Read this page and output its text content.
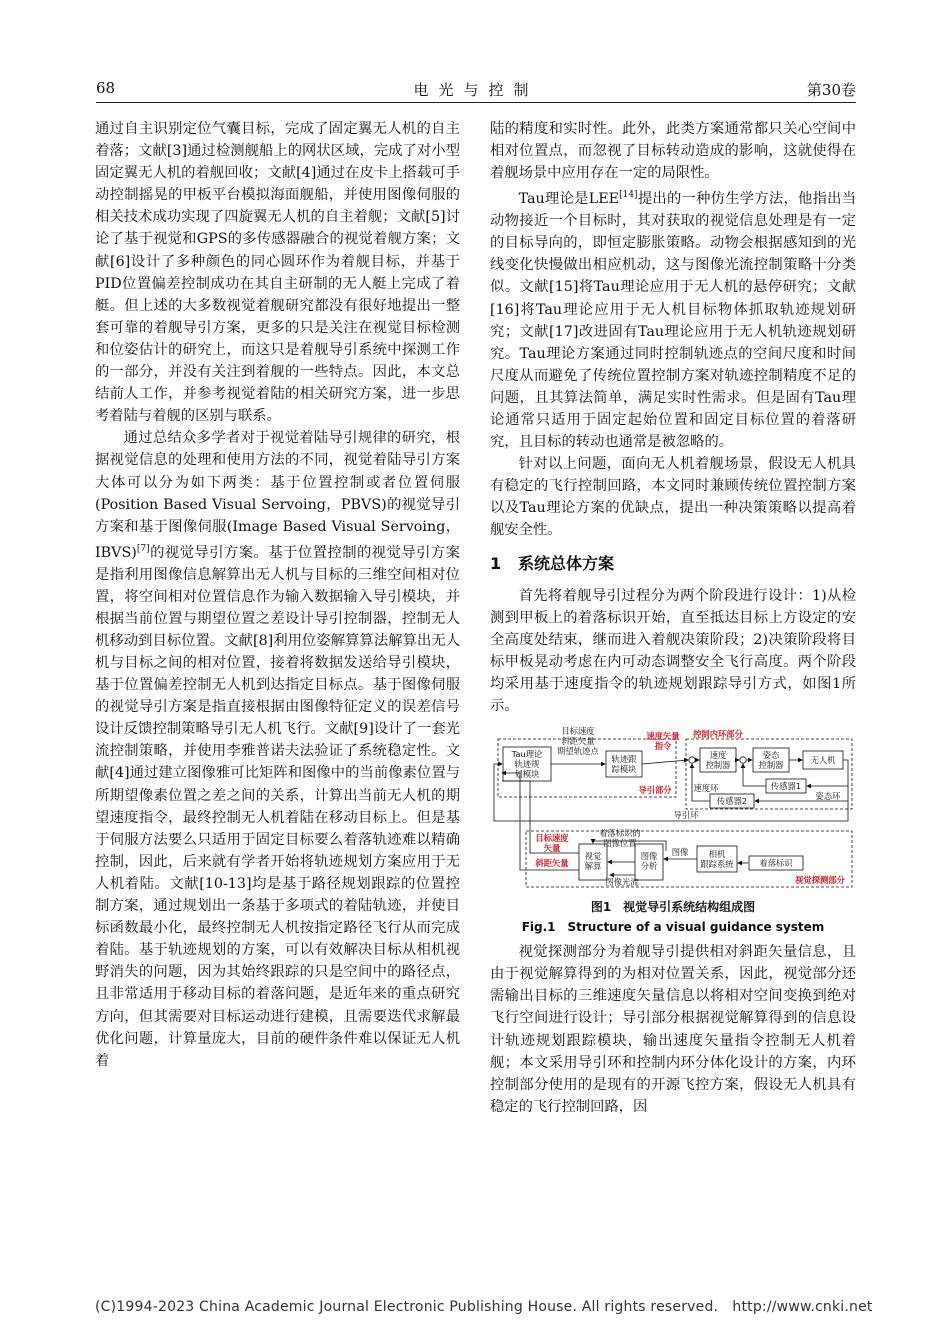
68	电光与控制	第30卷

通过自主识别定位气囊目标，完成了固定翼无人机的自主着落；文献[3]通过检测舰船上的网状区域，完成了对小型固定翼无人机的着舰回收；文献[4]通过在皮卡上搭载可手动控制摇晃的甲板平台模拟海面舰船，并使用图像伺服的相关技术成功实现了四旋翼无人机的自主着舰；文献[5]讨论了基于视觉和GPS的多传感器融合的视觉着舰方案；文献[6]设计了多种颜色的同心圆环作为着舰目标，并基于PID位置偏差控制成功在其自主研制的无人艇上完成了着艇。但上述的大多数视觉着舰研究都没有很好地提出一整套可靠的着舰导引方案，更多的只是关注在视觉目标检测和位姿估计的研究上，而这只是着舰导引系统中探测工作的一部分，并没有关注到着舰的一些特点。因此，本文总结前人工作，并参考视觉着陆的相关研究方案，进一步思考着陆与着舰的区别与联系。

通过总结众多学者对于视觉着陆导引规律的研究，根据视觉信息的处理和使用方法的不同，视觉着陆导引方案大体可以分为如下两类：基于位置控制或者位置伺服(Position Based Visual Servoing，PBVS)的视觉导引方案和基于图像伺服(Image Based Visual Servoing，IBVS)[7]的视觉导引方案。基于位置控制的视觉导引方案是指利用图像信息解算出无人机与目标的三维空间相对位置，将空间相对位置信息作为输入数据输入导引模块，并根据当前位置与期望位置之差设计导引控制器，控制无人机移动到目标位置。文献[8]利用位姿解算算法解算出无人机与目标之间的相对位置，接着将数据发送给导引模块，基于位置偏差控制无人机到达指定目标点。基于图像伺服的视觉导引方案是指直接根据由图像特征定义的误差信号设计反馈控制策略导引无人机飞行。文献[9]设计了一套光流控制策略，并使用李雅普诺夫法验证了系统稳定性。文献[4]通过建立图像雅可比矩阵和图像中的当前像素位置与所期望像素位置之差之间的关系，计算出当前无人机的期望速度指令，最终控制无人机着陆在移动目标上。但是基于伺服方法要么只适用于固定目标要么着落轨迹难以精确控制，因此，后来就有学者开始将轨迹规划方案应用于无人机着陆。文献[10-13]均是基于路径规划跟踪的位置控制方案，通过规划出一条基于多项式的着陆轨迹，并使目标函数最小化，最终控制无人机按指定路径飞行从而完成着陆。基于轨迹规划的方案，可以有效解决目标从相机视野消失的问题，因为其始终跟踪的只是空间中的路径点，且非常适用于移动目标的着落问题，是近年来的重点研究方向，但其需要对目标运动进行建模，且需要迭代求解最优化问题，计算量庞大，目前的硬件条件难以保证无人机着

陆的精度和实时性。此外，此类方案通常都只关心空间中相对位置点，而忽视了目标转动造成的影响，这就使得在着舰场景中应用存在一定的局限性。

Tau理论是LEE[14]提出的一种仿生学方法，他指出当动物接近一个目标时，其对获取的视觉信息处理是有一定的目标导向的，即恒定膨胀策略。动物会根据感知到的光线变化快慢做出相应机动，这与图像光流控制策略十分类似。文献[15]将Tau理论应用于无人机的悬停研究；文献[16]将Tau理论应用于无人机目标物体抓取轨迹规划研究；文献[17]改进固有Tau理论应用于无人机轨迹规划研究。Tau理论方案通过同时控制轨迹点的空间尺度和时间尺度从而避免了传统位置控制方案对轨迹控制精度不足的问题，且其算法简单，满足实时性需求。但是固有Tau理论通常只适用于固定起始位置和固定目标位置的着落研究，且目标的转动也通常是被忽略的。

针对以上问题，面向无人机着舰场景，假设无人机具有稳定的飞行控制回路，本文同时兼顾传统位置控制方案以及Tau理论方案的优缺点，提出一种决策策略以提高着舰安全性。

1 系统总体方案

首先将着舰导引过程分为两个阶段进行设计：1)从检测到甲板上的着落标识开始，直至抵达目标上方设定的安全高度处结束，继而进入着舰决策阶段；2)决策阶段将目标甲板晃动考虑在内可动态调整安全飞行高度。两个阶段均采用基于速度指令的轨迹规划跟踪导引方式，如图1所示。

Tau理论
轨迹规
划模块
目标速度
斜距矢量
期望轨迹点
轨迹跟
踪模块
速度
控制器
姿态
控制器	无人机
传感器1
传感器2
视觉
解算
图像
分析
相机
跟踪系统	着落标识
着落标识的
图像位置
图像
图像光流
姿态环
速度环
导引环
速度矢量
指令
导引部分
控制内环部分
目标速度
矢量
斜距矢量
视觉探测部分
图1　视觉导引系统结构组成图
Fig.1　Structure of a visual guidance system

视觉探测部分为着舰导引提供相对斜距矢量信息，且由于视觉解算得到的为相对位置关系，因此，视觉部分还需输出目标的三维速度矢量信息以将相对空间变换到绝对飞行空间进行设计；导引部分根据视觉解算得到的信息设计轨迹规划跟踪模块，输出速度矢量指令控制无人机着舰；本文采用导引环和控制内环分体化设计的方案，内环控制部分使用的是现有的开源飞控方案，假设无人机具有稳定的飞行控制回路，因

(C)1994-2023 China Academic Journal Electronic Publishing House. All rights reserved.　http://www.cnki.net
